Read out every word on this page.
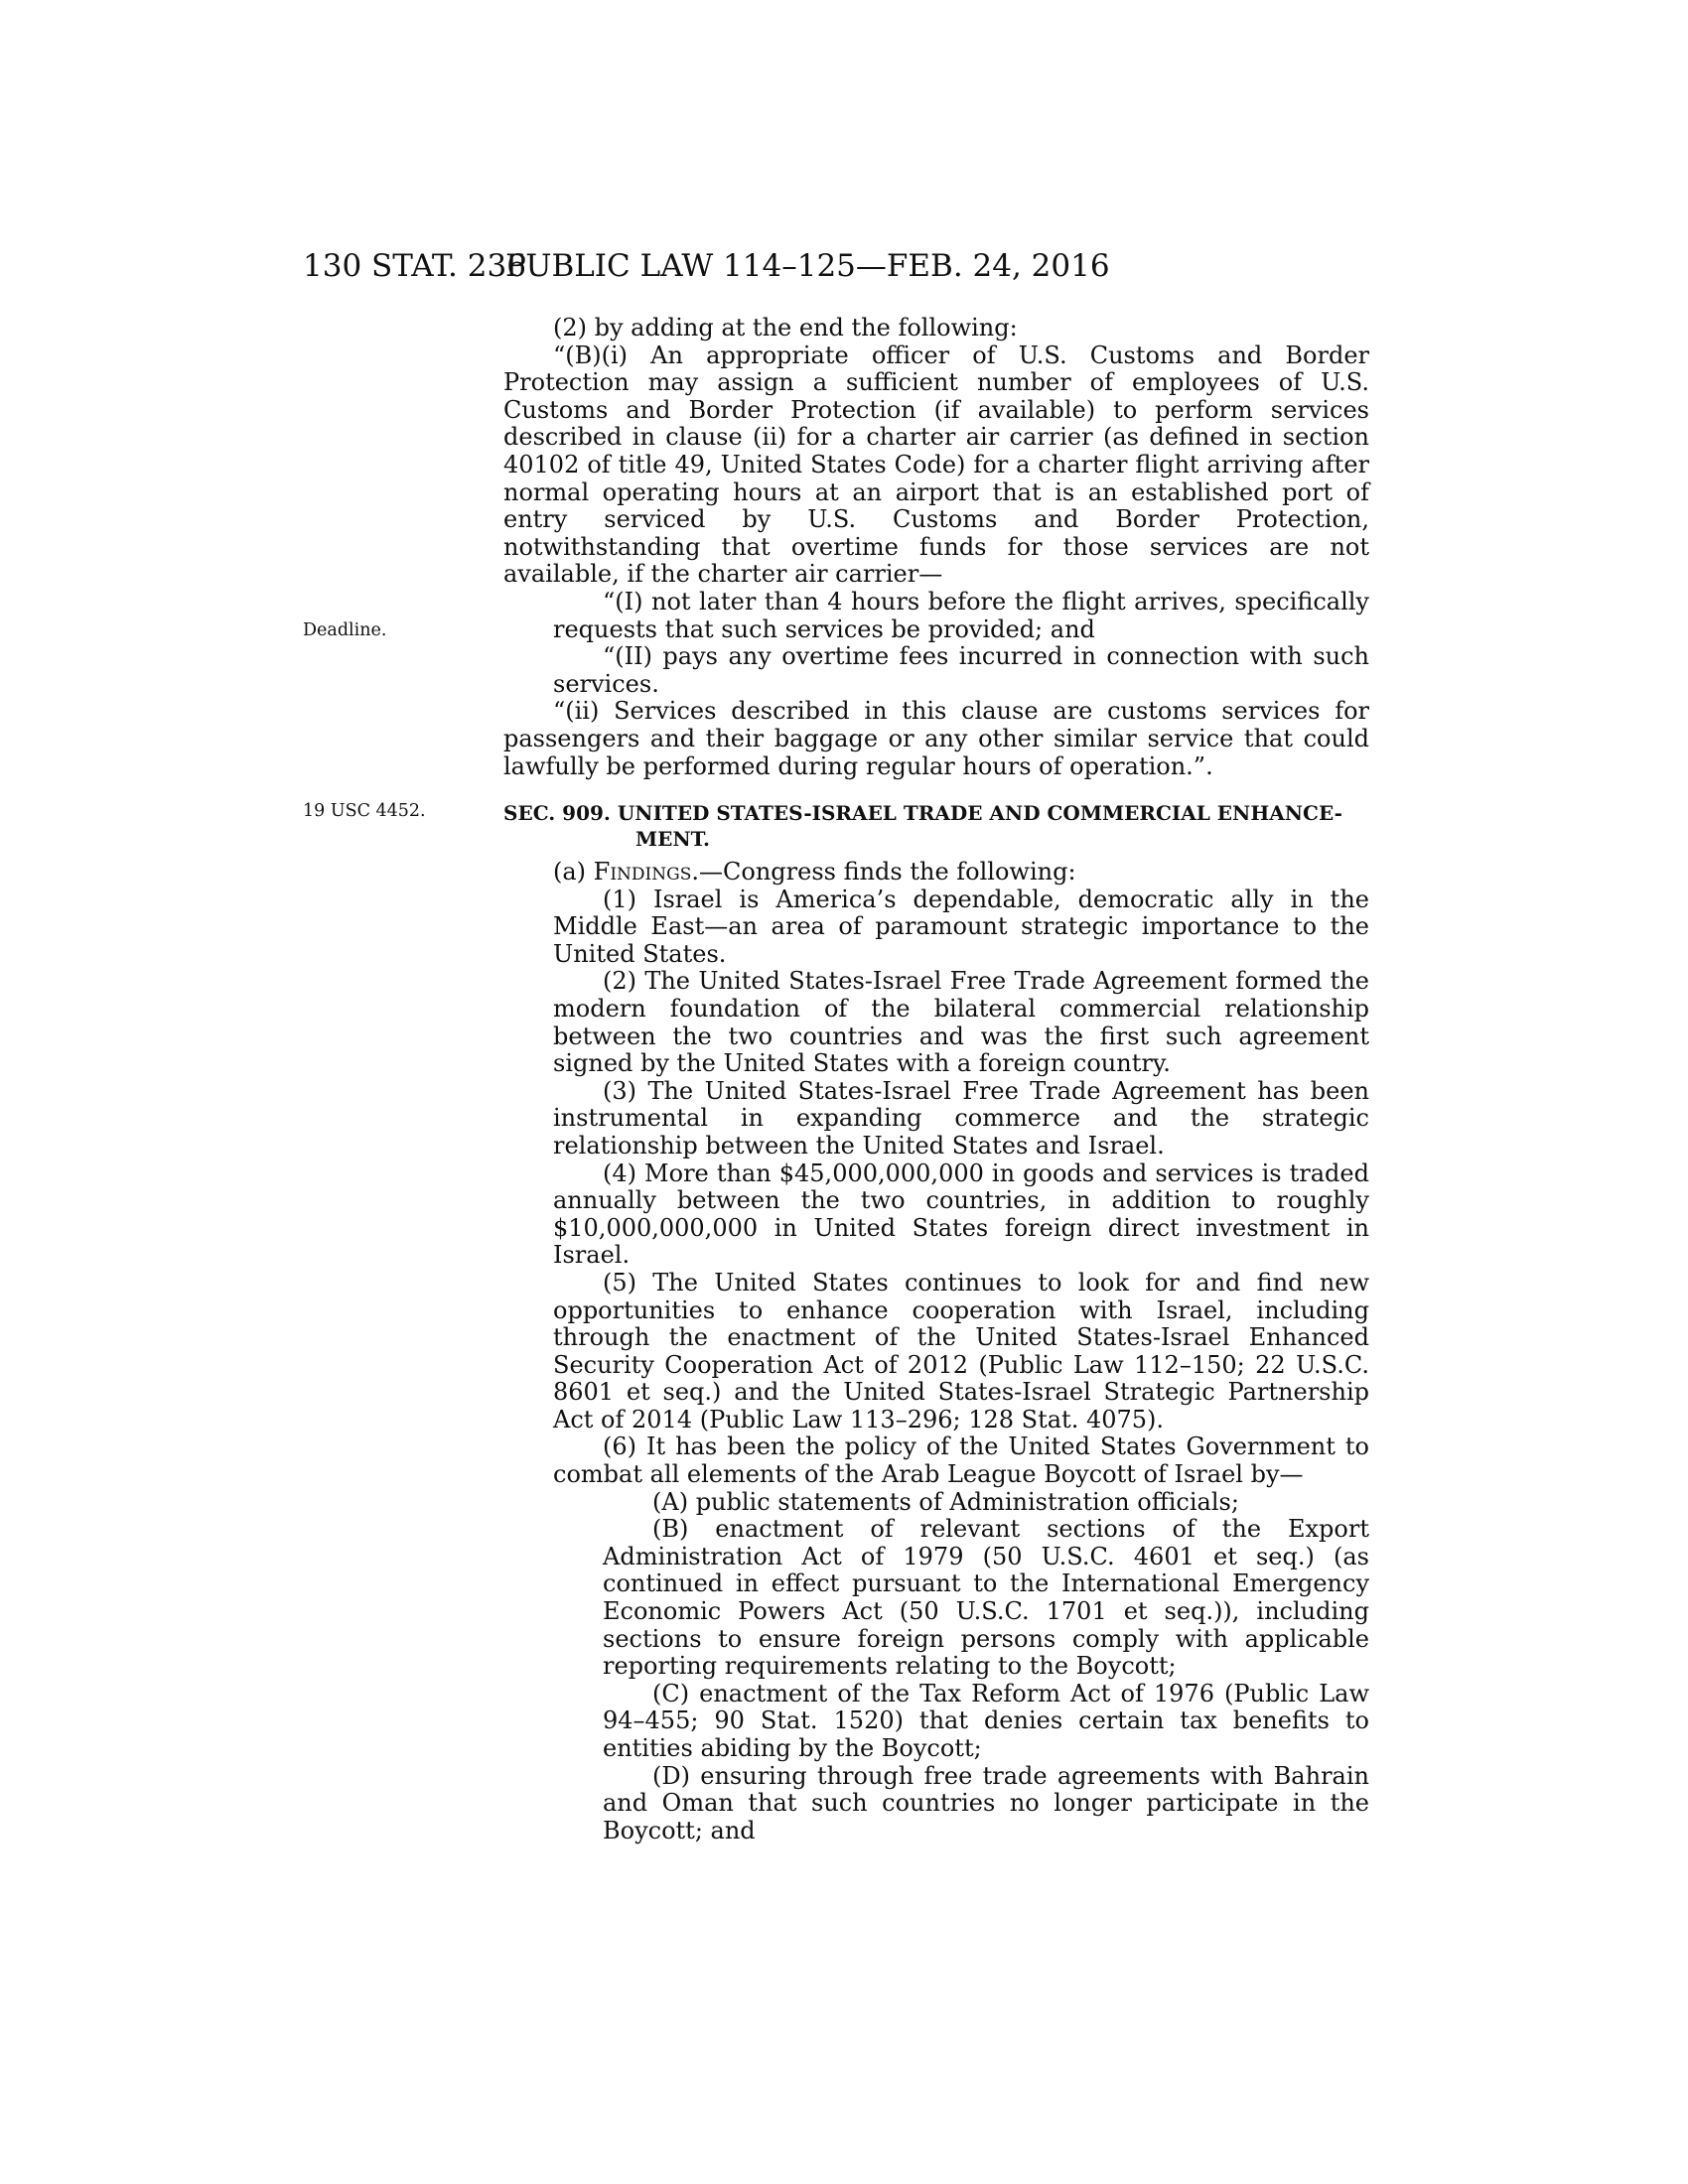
130 STAT. 236
PUBLIC LAW 114–125—FEB. 24, 2016
Deadline.
19 USC 4452.

(2) by adding at the end the following:

“(B)(i) An appropriate officer of U.S. Customs and Border Protection may assign a sufficient number of employees of U.S. Customs and Border Protection (if available) to perform services described in clause (ii) for a charter air carrier (as defined in section 40102 of title 49, United States Code) for a charter flight arriving after normal operating hours at an airport that is an established port of entry serviced by U.S. Customs and Border Protection, notwithstanding that overtime funds for those services are not available, if the charter air carrier—

“(I) not later than 4 hours before the flight arrives, specifically requests that such services be provided; and

“(II) pays any overtime fees incurred in connection with such services.

“(ii) Services described in this clause are customs services for passengers and their baggage or any other similar service that could lawfully be performed during regular hours of operation.”.

SEC. 909. UNITED STATES-ISRAEL TRADE AND COMMERCIAL ENHANCE-
MENT.

(a) Findings.—Congress finds the following:

(1) Israel is America’s dependable, democratic ally in the Middle East—an area of paramount strategic importance to the United States.

(2) The United States-Israel Free Trade Agreement formed the modern foundation of the bilateral commercial relationship between the two countries and was the first such agreement signed by the United States with a foreign country.

(3) The United States-Israel Free Trade Agreement has been instrumental in expanding commerce and the strategic relationship between the United States and Israel.

(4) More than $45,000,000,000 in goods and services is traded annually between the two countries, in addition to roughly $10,000,000,000 in United States foreign direct investment in Israel.

(5) The United States continues to look for and find new opportunities to enhance cooperation with Israel, including through the enactment of the United States-Israel Enhanced Security Cooperation Act of 2012 (Public Law 112–150; 22 U.S.C. 8601 et seq.) and the United States-Israel Strategic Partnership Act of 2014 (Public Law 113–296; 128 Stat. 4075).

(6) It has been the policy of the United States Government to combat all elements of the Arab League Boycott of Israel by—

(A) public statements of Administration officials;

(B) enactment of relevant sections of the Export Administration Act of 1979 (50 U.S.C. 4601 et seq.) (as continued in effect pursuant to the International Emergency Economic Powers Act (50 U.S.C. 1701 et seq.)), including sections to ensure foreign persons comply with applicable reporting requirements relating to the Boycott;

(C) enactment of the Tax Reform Act of 1976 (Public Law 94–455; 90 Stat. 1520) that denies certain tax benefits to entities abiding by the Boycott;

(D) ensuring through free trade agreements with Bahrain and Oman that such countries no longer participate in the Boycott; and
